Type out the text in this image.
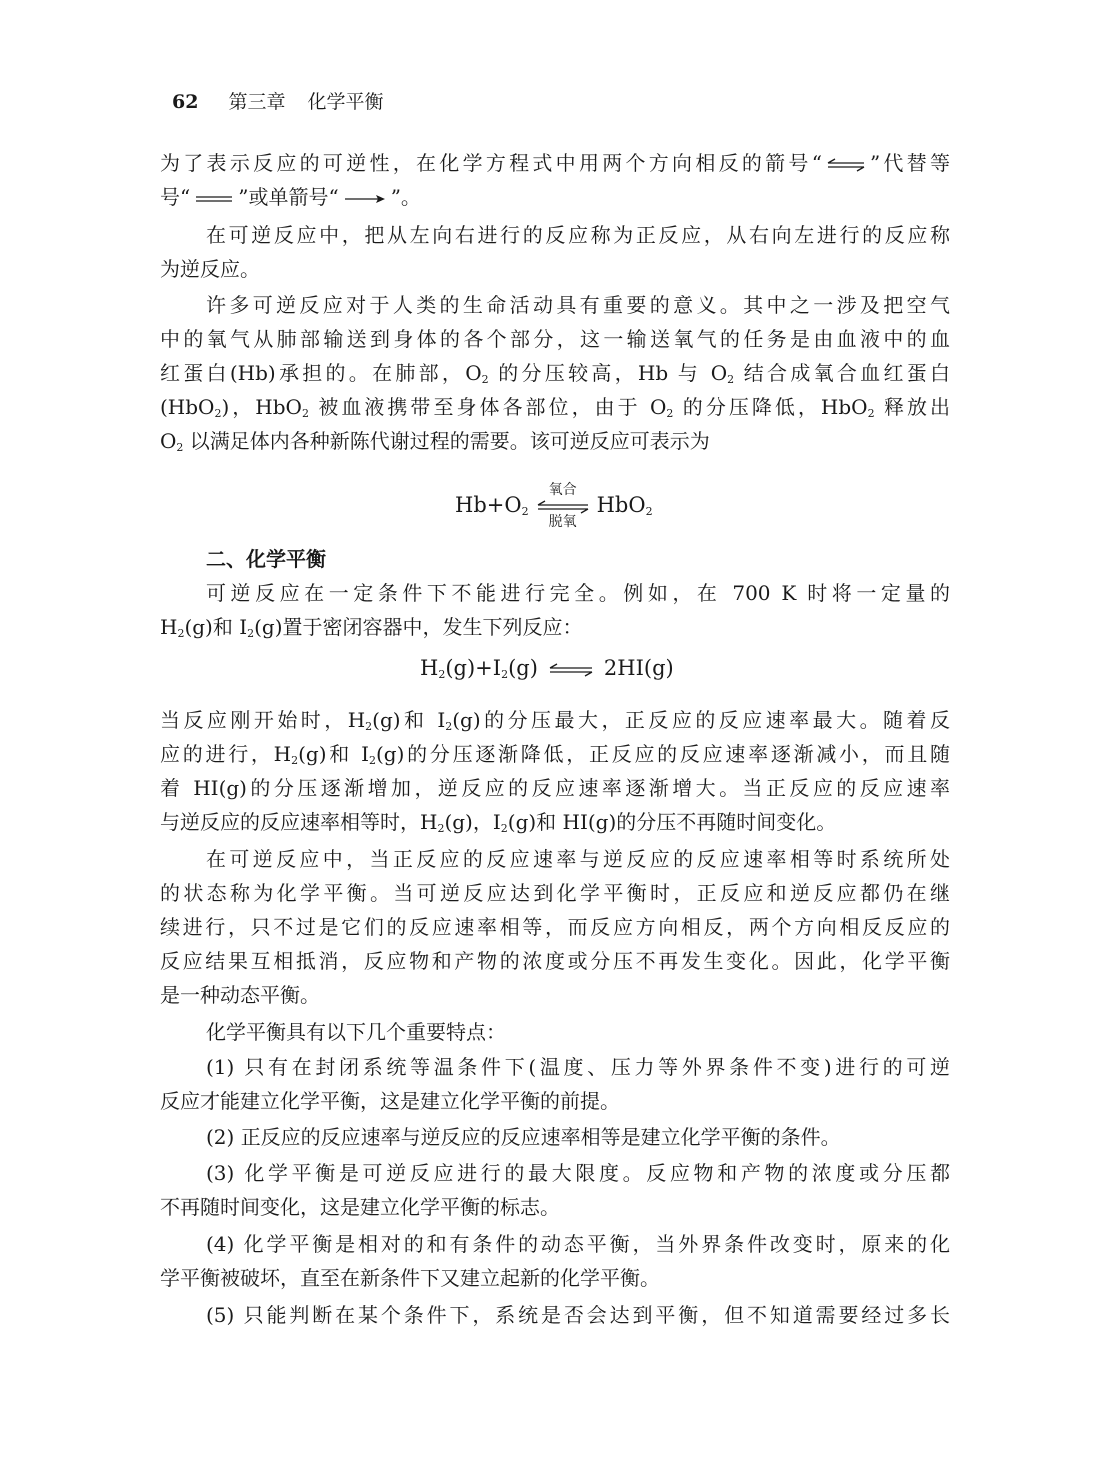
62 第三章 化学平衡
为了表示反应的可逆性，在化学方程式中用两个方向相反的箭号“ ⇌ ”代替等
号“ ”或单箭号“	”。
在可逆反应中，把从左向右进行的反应称为正反应，从右向左进行的反应称
为逆反应。
许多可逆反应对于人类的生命活动具有重要的意义。其中之一涉及把空气
中的氧气从肺部输送到身体的各个部分，这一输送氧气的任务是由血液中的血
红蛋白(Hb)承担的。在肺部，$O_2$ 的分压较高，Hb 与 $O_2$ 结合成氧合血红蛋白
(HbO$_2$)，HbO$_2$ 被血液携带至身体各部位，由于 $O_2$ 的分压降低，HbO$_2$ 释放出
$O_2$ 以满足体内各种新陈代谢过程的需要。该可逆反应可表示为
$Hb+O_2$
氧合
脱氧
HbO$_2$
二、化学平衡
可逆反应在一定条件下不能进行完全。例如，在 700 K 时将一定量的
$H_2(g)$和 $I_2(g)$置于密闭容器中，发生下列反应：
$H_2(g)+I_2(g)$ ⇌ 2HI(g)
当反应刚开始时，$H_2(g)$和 $I_2(g)$的分压最大，正反应的反应速率最大。随着反
应的进行，$H_2(g)$和 $I_2(g)$的分压逐渐降低，正反应的反应速率逐渐减小，而且随
着 HI(g)的分压逐渐增加，逆反应的反应速率逐渐增大。当正反应的反应速率
与逆反应的反应速率相等时，$H_2(g)$，$I_2(g)$和 HI(g)的分压不再随时间变化。
在可逆反应中，当正反应的反应速率与逆反应的反应速率相等时系统所处
的状态称为化学平衡。当可逆反应达到化学平衡时，正反应和逆反应都仍在继
续进行，只不过是它们的反应速率相等，而反应方向相反，两个方向相反反应的
反应结果互相抵消，反应物和产物的浓度或分压不再发生变化。因此，化学平衡
是一种动态平衡。
化学平衡具有以下几个重要特点：
(1) 只有在封闭系统等温条件下(温度、压力等外界条件不变)进行的可逆
反应才能建立化学平衡，这是建立化学平衡的前提。
(2) 正反应的反应速率与逆反应的反应速率相等是建立化学平衡的条件。
(3) 化学平衡是可逆反应进行的最大限度。反应物和产物的浓度或分压都
不再随时间变化，这是建立化学平衡的标志。
(4) 化学平衡是相对的和有条件的动态平衡，当外界条件改变时，原来的化
学平衡被破坏，直至在新条件下又建立起新的化学平衡。
(5) 只能判断在某个条件下，系统是否会达到平衡，但不知道需要经过多长
